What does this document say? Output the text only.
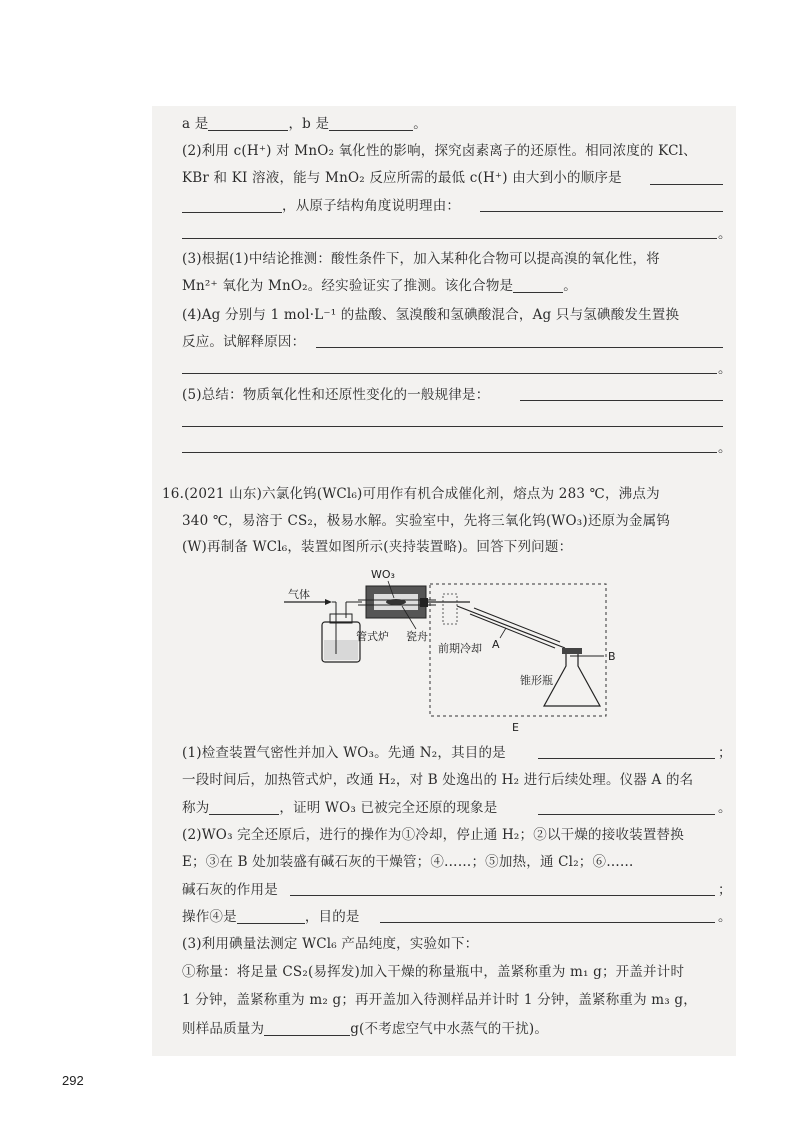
a 是	，b 是	。
(2)利用 c(H⁺) 对 MnO₂ 氧化性的影响，探究卤素离子的还原性。相同浓度的 KCl、
KBr 和 KI 溶液，能与 MnO₂ 反应所需的最低 c(H⁺) 由大到小的顺序是
，从原子结构角度说明理由：
。
(3)根据(1)中结论推测：酸性条件下，加入某种化合物可以提高溴的氧化性，将
Mn²⁺ 氧化为 MnO₂。经实验证实了推测。该化合物是	。
(4)Ag 分别与 1 mol·L⁻¹ 的盐酸、氢溴酸和氢碘酸混合，Ag 只与氢碘酸发生置换
反应。试解释原因：
。
(5)总结：物质氧化性和还原性变化的一般规律是：
。
16.(2021 山东)六氯化钨(WCl₆)可用作有机合成催化剂，熔点为 283 ℃，沸点为
340 ℃，易溶于 CS₂，极易水解。实验室中，先将三氧化钨(WO₃)还原为金属钨
(W)再制备 WCl₆，装置如图所示(夹持装置略)。回答下列问题：
气体
WO₃
管式炉 瓷舟
前期冷却 A
B
锥形瓶
E
(1)检查装置气密性并加入 WO₃。先通 N₂，其目的是	；
一段时间后，加热管式炉，改通 H₂，对 B 处逸出的 H₂ 进行后续处理。仪器 A 的名
称为	，证明 WO₃ 已被完全还原的现象是	。
(2)WO₃ 完全还原后，进行的操作为①冷却，停止通 H₂；②以干燥的接收装置替换
E；③在 B 处加装盛有碱石灰的干燥管；④……；⑤加热，通 Cl₂；⑥……
碱石灰的作用是	；
操作④是	，目的是	。
(3)利用碘量法测定 WCl₆ 产品纯度，实验如下：
①称量：将足量 CS₂(易挥发)加入干燥的称量瓶中，盖紧称重为 m₁ g；开盖并计时
1 分钟，盖紧称重为 m₂ g；再开盖加入待测样品并计时 1 分钟，盖紧称重为 m₃ g，
则样品质量为	g(不考虑空气中水蒸气的干扰)。
292
